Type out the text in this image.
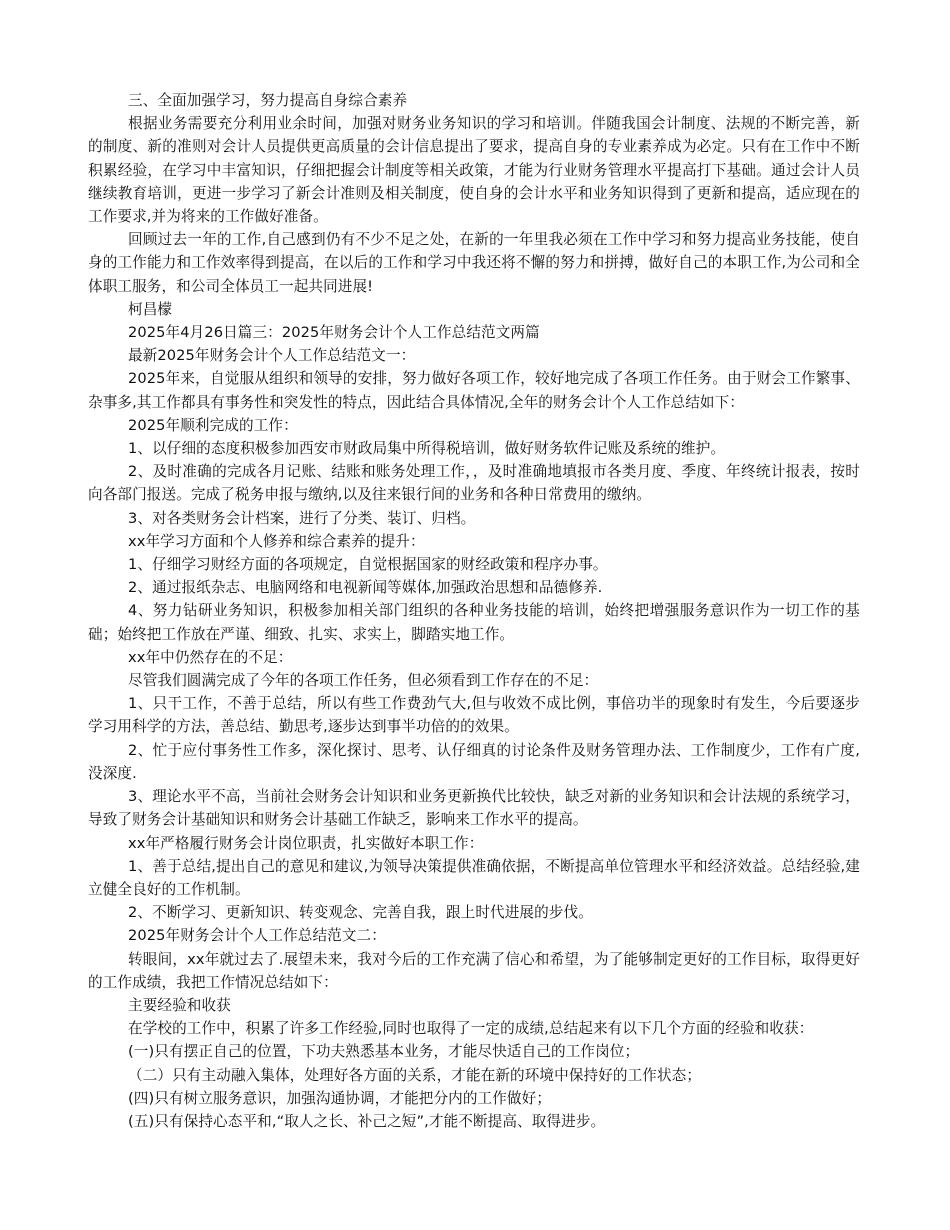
三、全面加强学习，努力提高自身综合素养

根据业务需要充分利用业余时间，加强对财务业务知识的学习和培训。伴随我国会计制度、法规的不断完善，新的制度、新的准则对会计人员提供更高质量的会计信息提出了要求，提高自身的专业素养成为必定。只有在工作中不断积累经验，在学习中丰富知识，仔细把握会计制度等相关政策，才能为行业财务管理水平提高打下基础。通过会计人员继续教育培训，更进一步学习了新会计准则及相关制度，使自身的会计水平和业务知识得到了更新和提高，适应现在的工作要求,并为将来的工作做好准备。

回顾过去一年的工作,自己感到仍有不少不足之处，在新的一年里我必须在工作中学习和努力提高业务技能，使自身的工作能力和工作效率得到提高，在以后的工作和学习中我还将不懈的努力和拼搏，做好自己的本职工作,为公司和全体职工服务，和公司全体员工一起共同进展!

柯昌檬

2025年4月26日篇三：2025年财务会计个人工作总结范文两篇

最新2025年财务会计个人工作总结范文一：

2025年来，自觉服从组织和领导的安排，努力做好各项工作，较好地完成了各项工作任务。由于财会工作繁事、杂事多,其工作都具有事务性和突发性的特点，因此结合具体情况,全年的财务会计个人工作总结如下：

2025年顺利完成的工作：

1、以仔细的态度积极参加西安市财政局集中所得税培训，做好财务软件记账及系统的维护。

2、及时准确的完成各月记账、结账和账务处理工作，，及时准确地填报市各类月度、季度、年终统计报表，按时向各部门报送。完成了税务申报与缴纳,以及往来银行间的业务和各种日常费用的缴纳。

3、对各类财务会计档案，进行了分类、装订、归档。

xx年学习方面和个人修养和综合素养的提升：

1、仔细学习财经方面的各项规定，自觉根据国家的财经政策和程序办事。

2、通过报纸杂志、电脑网络和电视新闻等媒体,加强政治思想和品德修养.

4、努力钻研业务知识，积极参加相关部门组织的各种业务技能的培训，始终把增强服务意识作为一切工作的基础；始终把工作放在严谨、细致、扎实、求实上，脚踏实地工作。

xx年中仍然存在的不足：

尽管我们圆满完成了今年的各项工作任务，但必须看到工作存在的不足：

1、只干工作，不善于总结，所以有些工作费劲气大,但与收效不成比例，事倍功半的现象时有发生，今后要逐步学习用科学的方法，善总结、勤思考,逐步达到事半功倍的的效果。

2、忙于应付事务性工作多，深化探讨、思考、认仔细真的讨论条件及财务管理办法、工作制度少，工作有广度,没深度.

3、理论水平不高，当前社会财务会计知识和业务更新换代比较快，缺乏对新的业务知识和会计法规的系统学习，导致了财务会计基础知识和财务会计基础工作缺乏，影响来工作水平的提高。

xx年严格履行财务会计岗位职责，扎实做好本职工作：

1、善于总结,提出自己的意见和建议,为领导决策提供准确依据，不断提高单位管理水平和经济效益。总结经验,建立健全良好的工作机制。

2、不断学习、更新知识、转变观念、完善自我，跟上时代进展的步伐。

2025年财务会计个人工作总结范文二：

转眼间，xx年就过去了.展望未来，我对今后的工作充满了信心和希望，为了能够制定更好的工作目标，取得更好的工作成绩，我把工作情况总结如下：

主要经验和收获

在学校的工作中，积累了许多工作经验,同时也取得了一定的成绩,总结起来有以下几个方面的经验和收获：

(一)只有摆正自己的位置，下功夫熟悉基本业务，才能尽快适自己的工作岗位；

（二）只有主动融入集体，处理好各方面的关系，才能在新的环境中保持好的工作状态；

(四)只有树立服务意识，加强沟通协调，才能把分内的工作做好；

(五)只有保持心态平和,“取人之长、补己之短”,才能不断提高、取得进步。
